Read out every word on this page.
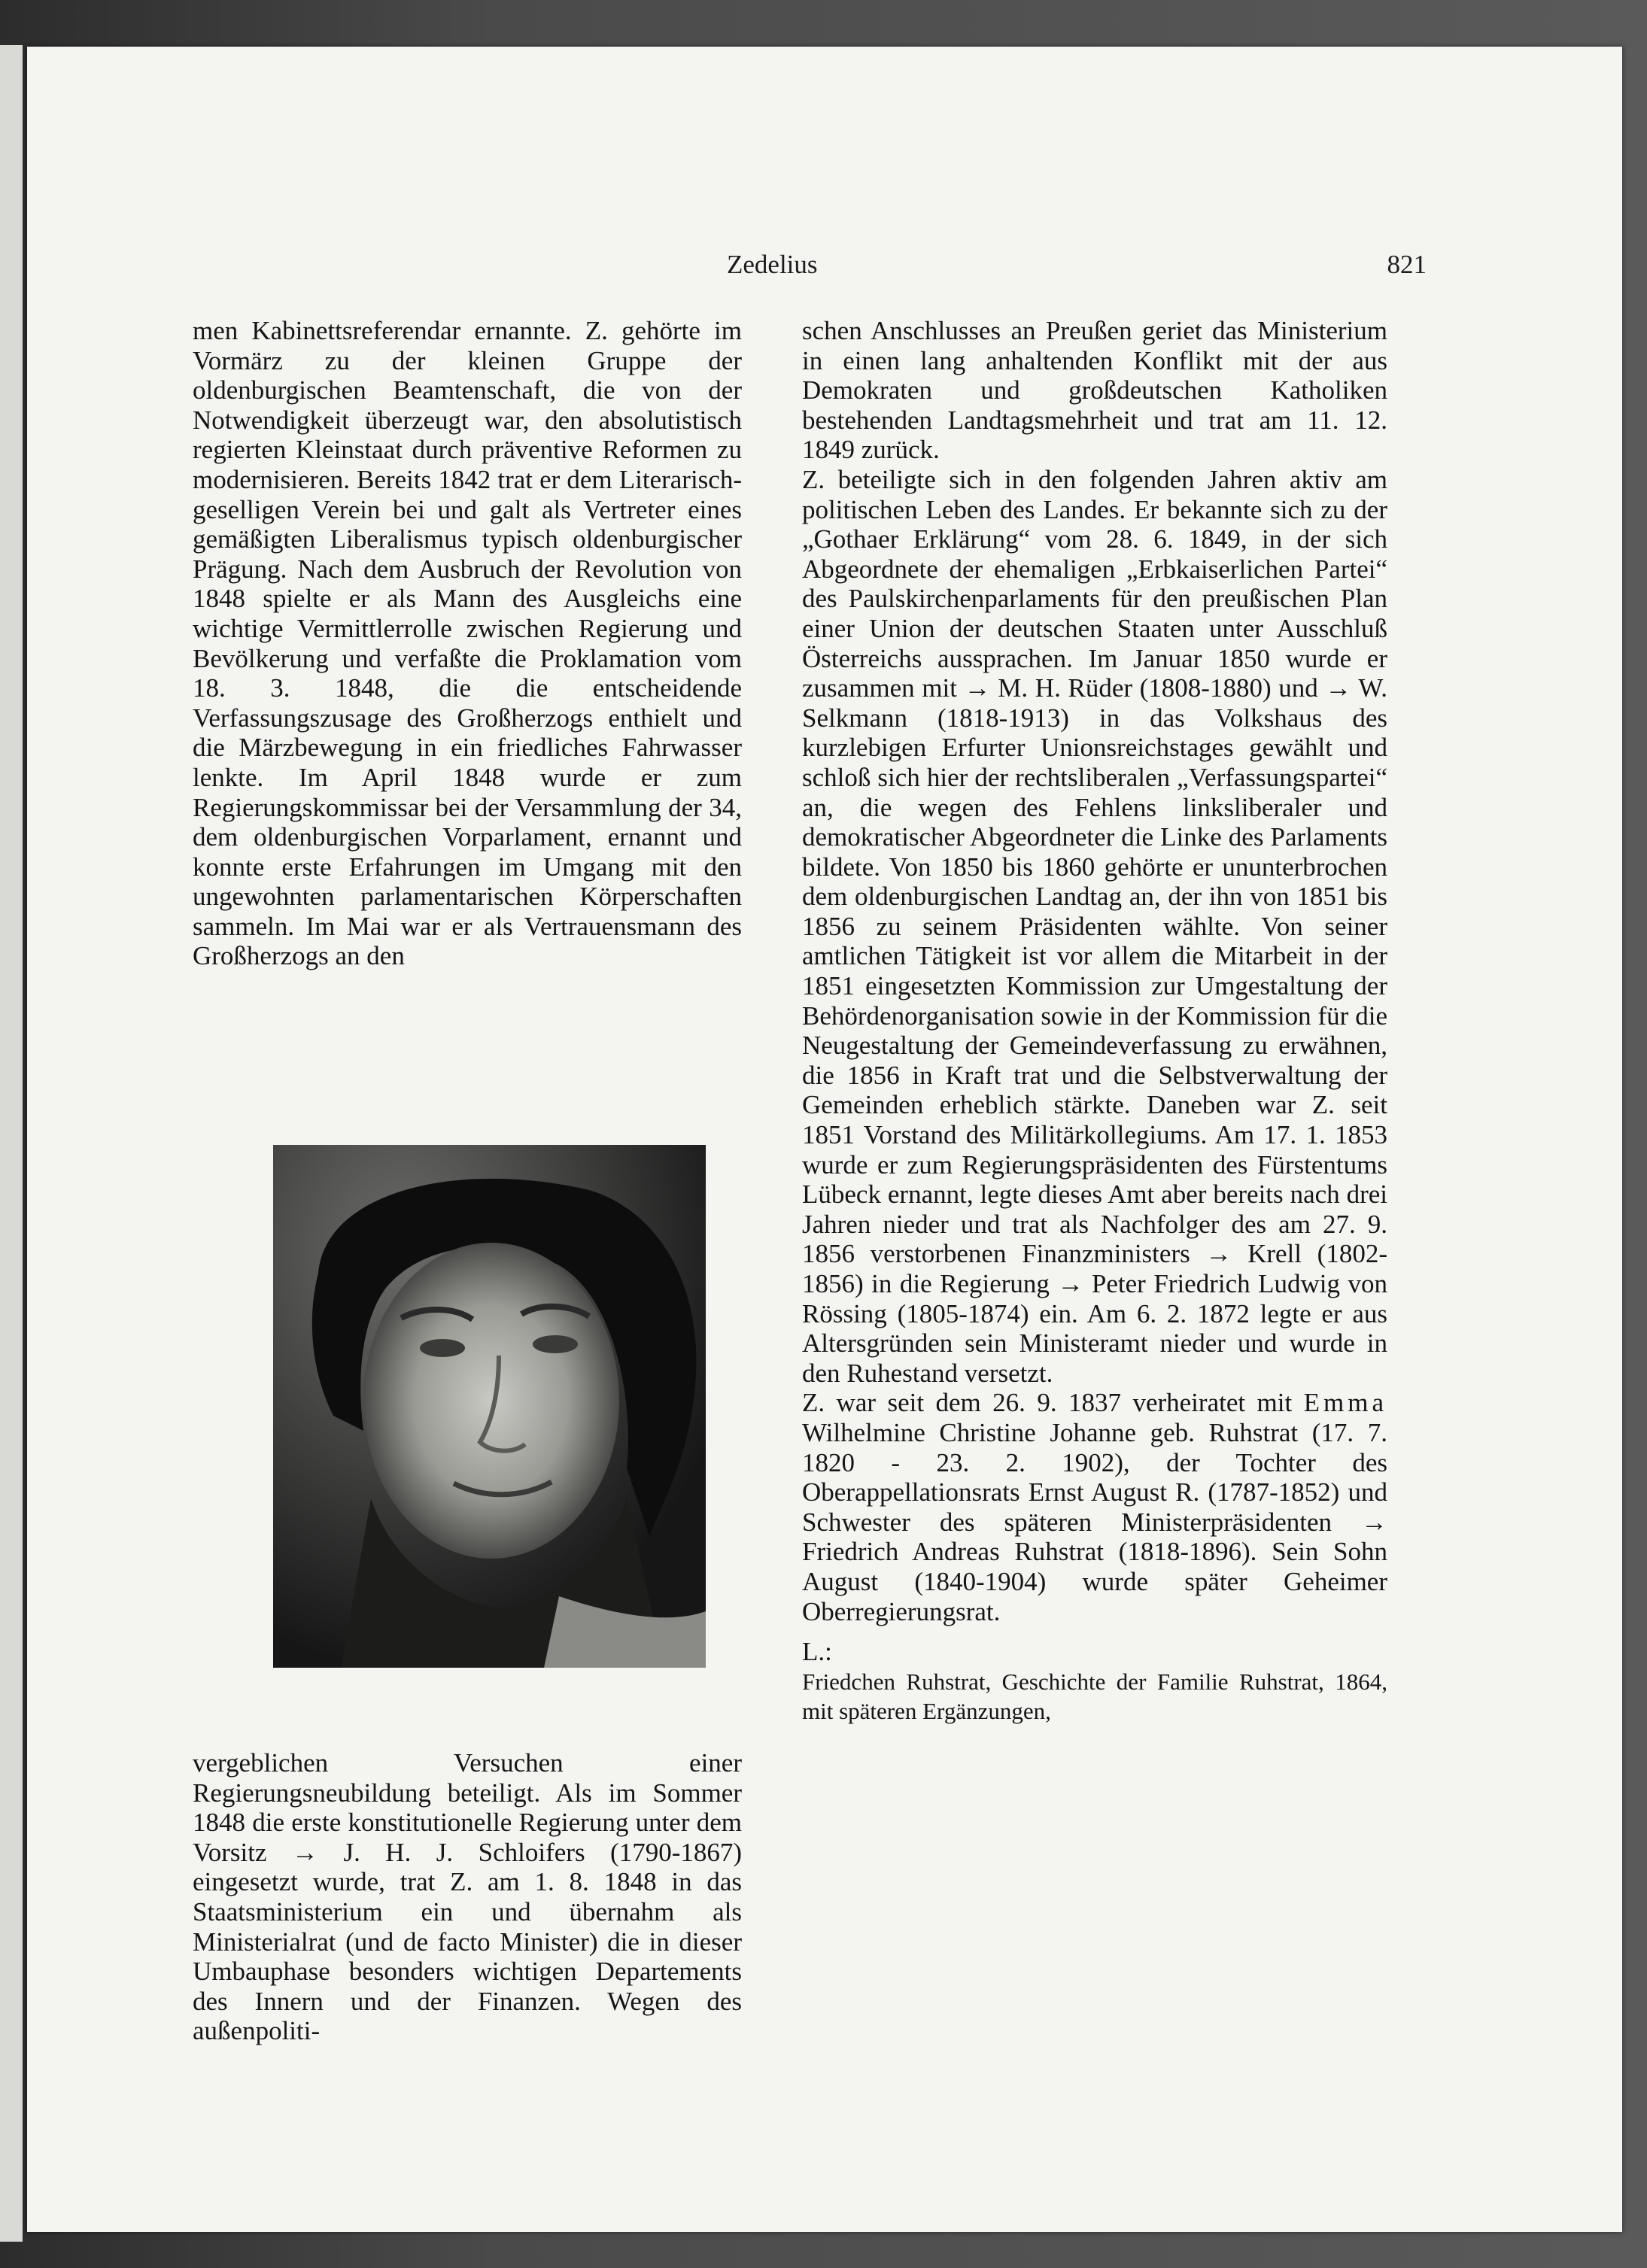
Zedelius	821

men Kabinettsreferendar ernannte. Z. gehörte im Vormärz zu der kleinen Gruppe der oldenburgischen Beamtenschaft, die von der Notwendigkeit überzeugt war, den absolutistisch regierten Kleinstaat durch präventive Reformen zu modernisieren. Bereits 1842 trat er dem Literarisch-geselligen Verein bei und galt als Vertreter eines gemäßigten Liberalismus typisch oldenburgischer Prägung. Nach dem Ausbruch der Revolution von 1848 spielte er als Mann des Ausgleichs eine wichtige Vermittlerrolle zwischen Regierung und Bevölkerung und verfaßte die Proklamation vom 18. 3. 1848, die die entscheidende Verfassungszusage des Großherzogs enthielt und die Märzbewegung in ein friedliches Fahrwasser lenkte. Im April 1848 wurde er zum Regierungskommissar bei der Versammlung der 34, dem oldenburgischen Vorparlament, ernannt und konnte erste Erfahrungen im Umgang mit den ungewohnten parlamentarischen Körperschaften sammeln. Im Mai war er als Vertrauensmann des Großherzogs an den

vergeblichen Versuchen einer Regierungsneubildung beteiligt. Als im Sommer 1848 die erste konstitutionelle Regierung unter dem Vorsitz → J. H. J. Schloifers (1790-1867) eingesetzt wurde, trat Z. am 1. 8. 1848 in das Staatsministerium ein und übernahm als Ministerialrat (und de facto Minister) die in dieser Umbauphase besonders wichtigen Departements des Innern und der Finanzen. Wegen des außenpoliti-

schen Anschlusses an Preußen geriet das Ministerium in einen lang anhaltenden Konflikt mit der aus Demokraten und großdeutschen Katholiken bestehenden Landtagsmehrheit und trat am 11. 12. 1849 zurück.

Z. beteiligte sich in den folgenden Jahren aktiv am politischen Leben des Landes. Er bekannte sich zu der „Gothaer Erklärung“ vom 28. 6. 1849, in der sich Abgeordnete der ehemaligen „Erbkaiserlichen Partei“ des Paulskirchenparlaments für den preußischen Plan einer Union der deutschen Staaten unter Ausschluß Österreichs aussprachen. Im Januar 1850 wurde er zusammen mit → M. H. Rüder (1808-1880) und → W. Selkmann (1818-1913) in das Volkshaus des kurzlebigen Erfurter Unionsreichstages gewählt und schloß sich hier der rechtsliberalen „Verfassungspartei“ an, die wegen des Fehlens linksliberaler und demokratischer Abgeordneter die Linke des Parlaments bildete. Von 1850 bis 1860 gehörte er ununterbrochen dem oldenburgischen Landtag an, der ihn von 1851 bis 1856 zu seinem Präsidenten wählte. Von seiner amtlichen Tätigkeit ist vor allem die Mitarbeit in der 1851 eingesetzten Kommission zur Umgestaltung der Behördenorganisation sowie in der Kommission für die Neugestaltung der Gemeindeverfassung zu erwähnen, die 1856 in Kraft trat und die Selbstverwaltung der Gemeinden erheblich stärkte. Daneben war Z. seit 1851 Vorstand des Militärkollegiums. Am 17. 1. 1853 wurde er zum Regierungspräsidenten des Fürstentums Lübeck ernannt, legte dieses Amt aber bereits nach drei Jahren nieder und trat als Nachfolger des am 27. 9. 1856 verstorbenen Finanzministers → Krell (1802-1856) in die Regierung → Peter Friedrich Ludwig von Rössing (1805-1874) ein. Am 6. 2. 1872 legte er aus Altersgründen sein Ministeramt nieder und wurde in den Ruhestand versetzt.

Z. war seit dem 26. 9. 1837 verheiratet mit Emma Wilhelmine Christine Johanne geb. Ruhstrat (17. 7. 1820 - 23. 2. 1902), der Tochter des Oberappellationsrats Ernst August R. (1787-1852) und Schwester des späteren Ministerpräsidenten → Friedrich Andreas Ruhstrat (1818-1896). Sein Sohn August (1840-1904) wurde später Geheimer Oberregierungsrat.

L.:

Friedchen Ruhstrat, Geschichte der Familie Ruhstrat, 1864, mit späteren Ergänzungen,
